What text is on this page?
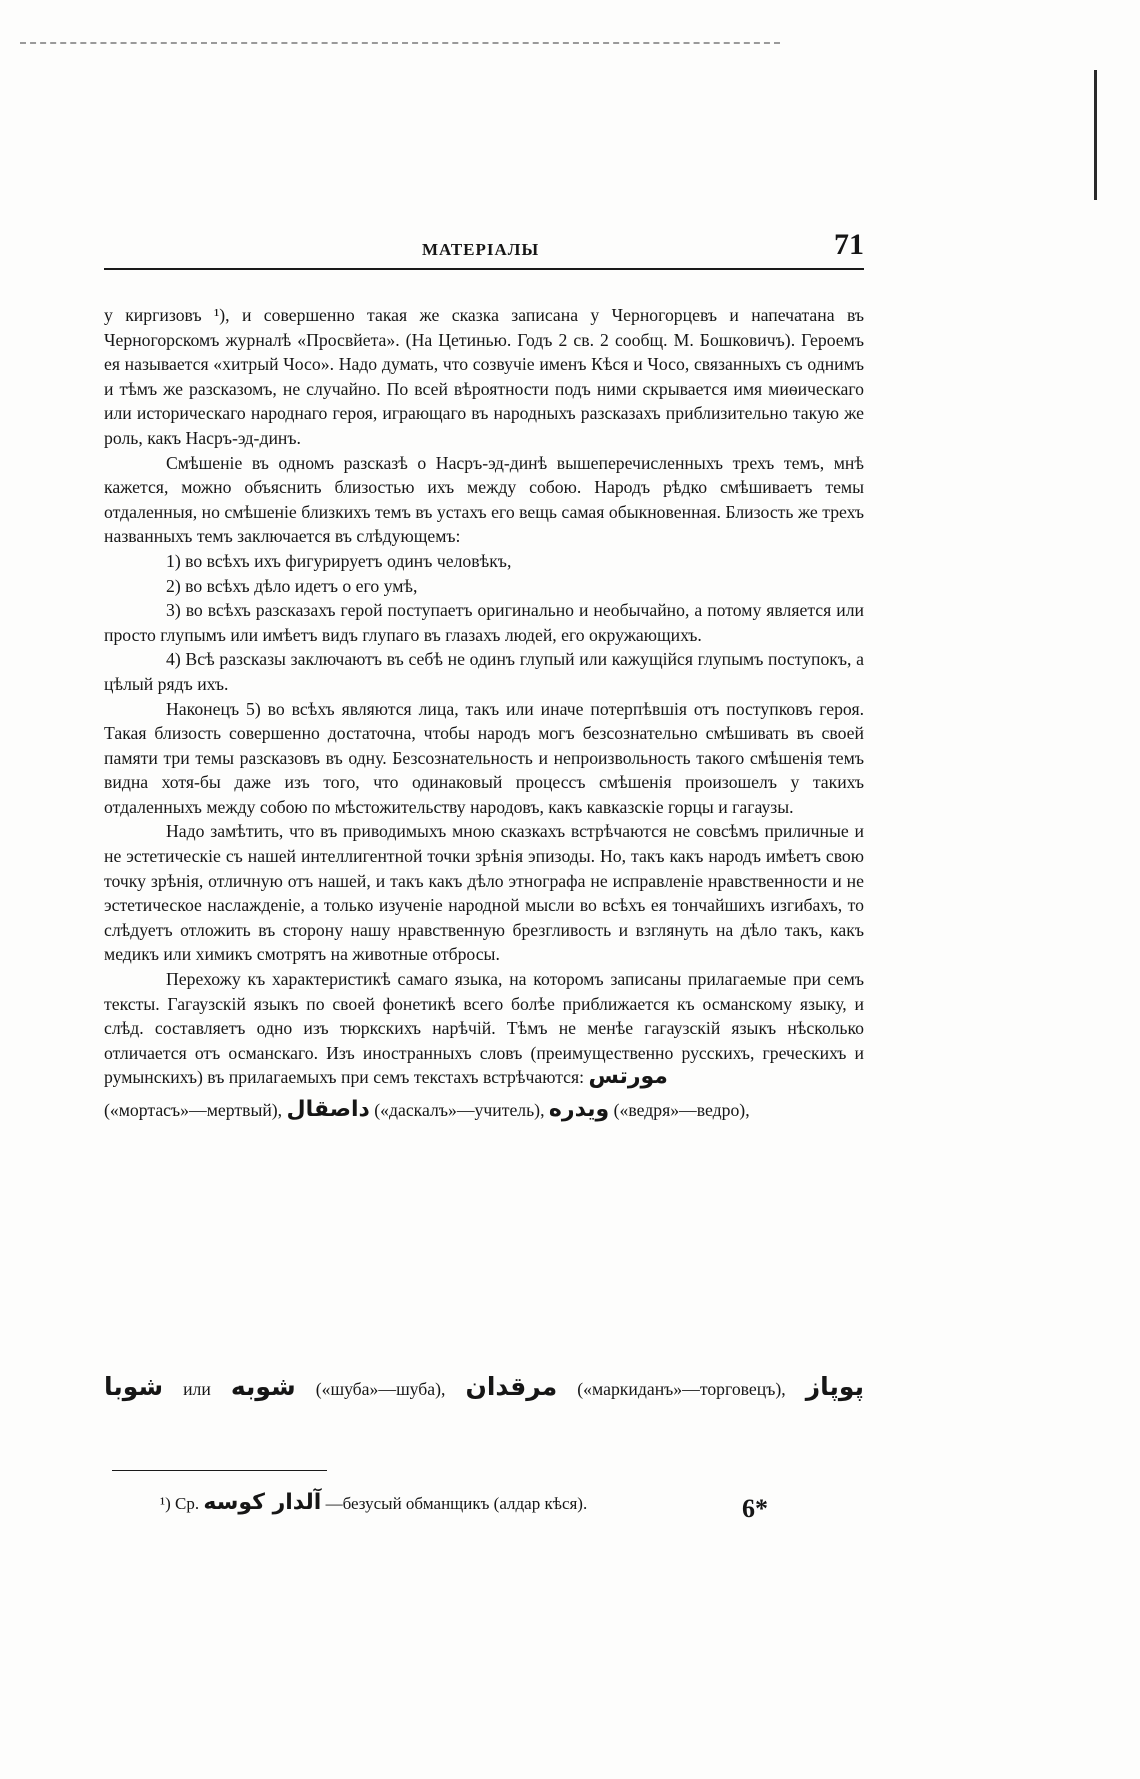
МАТЕРІАЛЫ	71

у киргизовъ ¹), и совершенно такая же сказка записана у Черногорцевъ и напечатана въ Черногорскомъ журналѣ «Просвйета». (На Цетинью. Годъ 2 св. 2 сообщ. М. Бошковичъ). Героемъ ея называется «хитрый Чосо». Надо думать, что созвучіе именъ Кѣся и Чосо, связанныхъ съ однимъ и тѣмъ же разсказомъ, не случайно. По всей вѣроятности подъ ними скрывается имя миѳическаго или историческаго народнаго героя, играющаго въ народныхъ разсказахъ приблизительно такую же роль, какъ Насръ-эд-динъ.

Смѣшеніе въ одномъ разсказѣ о Насръ-эд-динѣ вышеперечисленныхъ трехъ темъ, мнѣ кажется, можно объяснить близостью ихъ между собою. Народъ рѣдко смѣшиваетъ темы отдаленныя, но смѣшеніе близкихъ темъ въ устахъ его вещь самая обыкновенная. Близость же трехъ названныхъ темъ заключается въ слѣдующемъ:

1) во всѣхъ ихъ фигурируетъ одинъ человѣкъ,

2) во всѣхъ дѣло идетъ о его умѣ,

3) во всѣхъ разсказахъ герой поступаетъ оригинально и необычайно, а потому является или просто глупымъ или имѣетъ видъ глупаго въ глазахъ людей, его окружающихъ.

4) Всѣ разсказы заключаютъ въ себѣ не одинъ глупый или кажущійся глупымъ поступокъ, а цѣлый рядъ ихъ.

Наконецъ 5) во всѣхъ являются лица, такъ или иначе потерпѣвшія отъ поступковъ героя. Такая близость совершенно достаточна, чтобы народъ могъ безсознательно смѣшивать въ своей памяти три темы разсказовъ въ одну. Безсознательность и непроизвольность такого смѣшенія темъ видна хотя-бы даже изъ того, что одинаковый процессъ смѣшенія произошелъ у такихъ отдаленныхъ между собою по мѣстожительству народовъ, какъ кавказскіе горцы и гагаузы.

Надо замѣтить, что въ приводимыхъ мною сказкахъ встрѣчаются не совсѣмъ приличные и не эстетическіе съ нашей интеллигентной точки зрѣнія эпизоды. Но, такъ какъ народъ имѣетъ свою точку зрѣнія, отличную отъ нашей, и такъ какъ дѣло этнографа не исправленіе нравственности и не эстетическое наслажденіе, а только изученіе народной мысли во всѣхъ ея тончайшихъ изгибахъ, то слѣдуетъ отложить въ сторону нашу нравственную брезгливость и взглянуть на дѣло такъ, какъ медикъ или химикъ смотрятъ на животные отбросы.

Перехожу къ характеристикѣ самаго языка, на которомъ записаны прилагаемые при семъ тексты. Гагаузскій языкъ по своей фонетикѣ всего болѣе приближается къ османскому языку, и слѣд. составляетъ одно изъ тюркскихъ нарѣчій. Тѣмъ не менѣе гагаузскій языкъ нѣсколько отличается отъ османскаго. Изъ иностранныхъ словъ (преимущественно русскихъ, греческихъ и румынскихъ) въ прилагаемыхъ при семъ текстахъ встрѣчаются: مورتس

(«мортасъ»—мертвый), داصقال («даскалъ»—учитель), ویدره («ведря»—ведро),

شوبا или شوبه («шуба»—шуба), مرقدان («маркиданъ»—торговецъ), پوپاز
¹) Ср. آلدار کوسه —безусый обманщикъ (алдар кѣся).	6*
